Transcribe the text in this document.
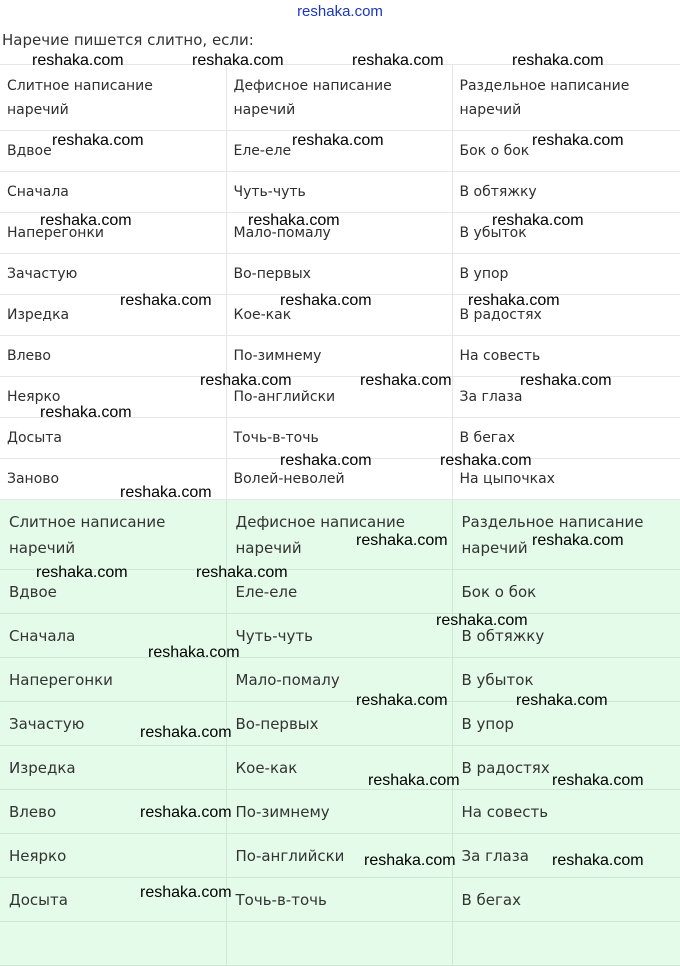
reshaka.com
Наречие пишется слитно, если:
Слитное написание наречий	Дефисное написание наречий	Раздельное написание наречий
Вдвое	Еле-еле	Бок о бок
Сначала	Чуть-чуть	В обтяжку
Наперегонки	Мало-помалу	В убыток
Зачастую	Во-первых	В упор
Изредка	Кое-как	В радостях
Влево	По-зимнему	На совесть
Неярко	По-английски	За глаза
Досыта	Точь-в-точь	В бегах
Заново	Волей-неволей	На цыпочках
Слитное написание наречий	Дефисное написание наречий	Раздельное написание наречий
Вдвое	Еле-еле	Бок о бок
Сначала	Чуть-чуть	В обтяжку
Наперегонки	Мало-помалу	В убыток
Зачастую	Во-первых	В упор
Изредка	Кое-как	В радостях
Влево	По-зимнему	На совесть
Неярко	По-английски	За глаза
Досыта	Точь-в-точь	В бегах

reshaka.com	reshaka.com	reshaka.com	reshaka.com
reshaka.com	reshaka.com	reshaka.com
reshaka.com	reshaka.com	reshaka.com
reshaka.com	reshaka.com	reshaka.com
reshaka.com	reshaka.com	reshaka.com
reshaka.com
reshaka.com	reshaka.com
reshaka.com
reshaka.com	reshaka.com
reshaka.com	reshaka.com
reshaka.com
reshaka.com
reshaka.com	reshaka.com
reshaka.com
reshaka.com	reshaka.com
reshaka.com
reshaka.com	reshaka.com
reshaka.com
